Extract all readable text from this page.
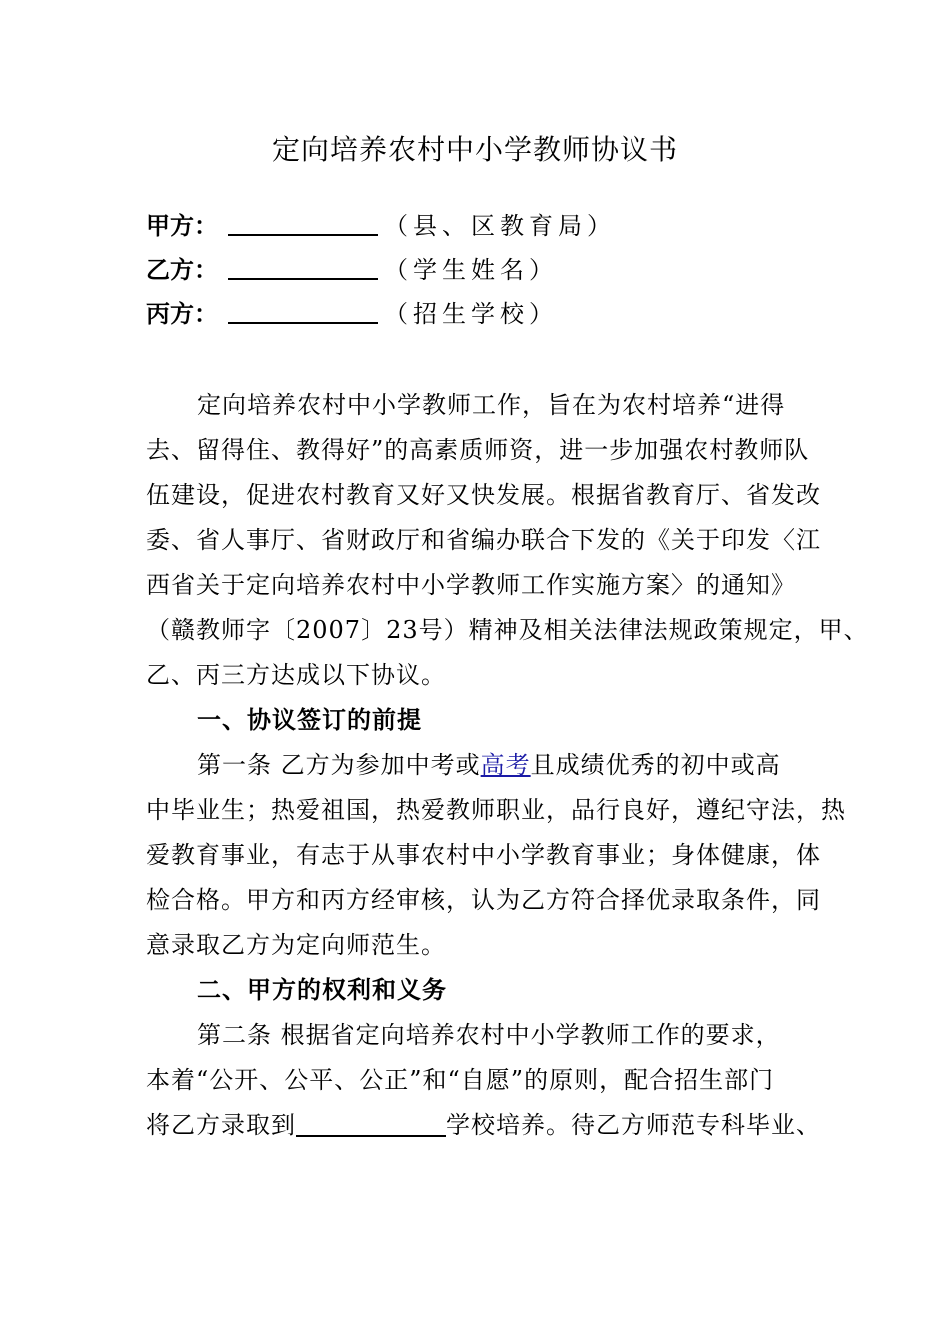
定向培养农村中小学教师协议书
甲方：	（县、区教育局）
乙方：	（学生姓名）
丙方：	（招生学校）
定向培养农村中小学教师工作，旨在为农村培养“进得
去、留得住、教得好”的高素质师资，进一步加强农村教师队
伍建设，促进农村教育又好又快发展。根据省教育厅、省发改
委、省人事厅、省财政厅和省编办联合下发的《关于印发〈江
西省关于定向培养农村中小学教师工作实施方案〉的通知》
（赣教师字〔2007〕23号）精神及相关法律法规政策规定，甲、
乙、丙三方达成以下协议。
一、协议签订的前提
第一条 乙方为参加中考或高考且成绩优秀的初中或高
中毕业生；热爱祖国，热爱教师职业，品行良好，遵纪守法，热
爱教育事业，有志于从事农村中小学教育事业；身体健康，体
检合格。甲方和丙方经审核，认为乙方符合择优录取条件，同
意录取乙方为定向师范生。
二、甲方的权利和义务
第二条 根据省定向培养农村中小学教师工作的要求，
本着“公开、公平、公正”和“自愿”的原则，配合招生部门
将乙方录取到	学校培养。待乙方师范专科毕业、
